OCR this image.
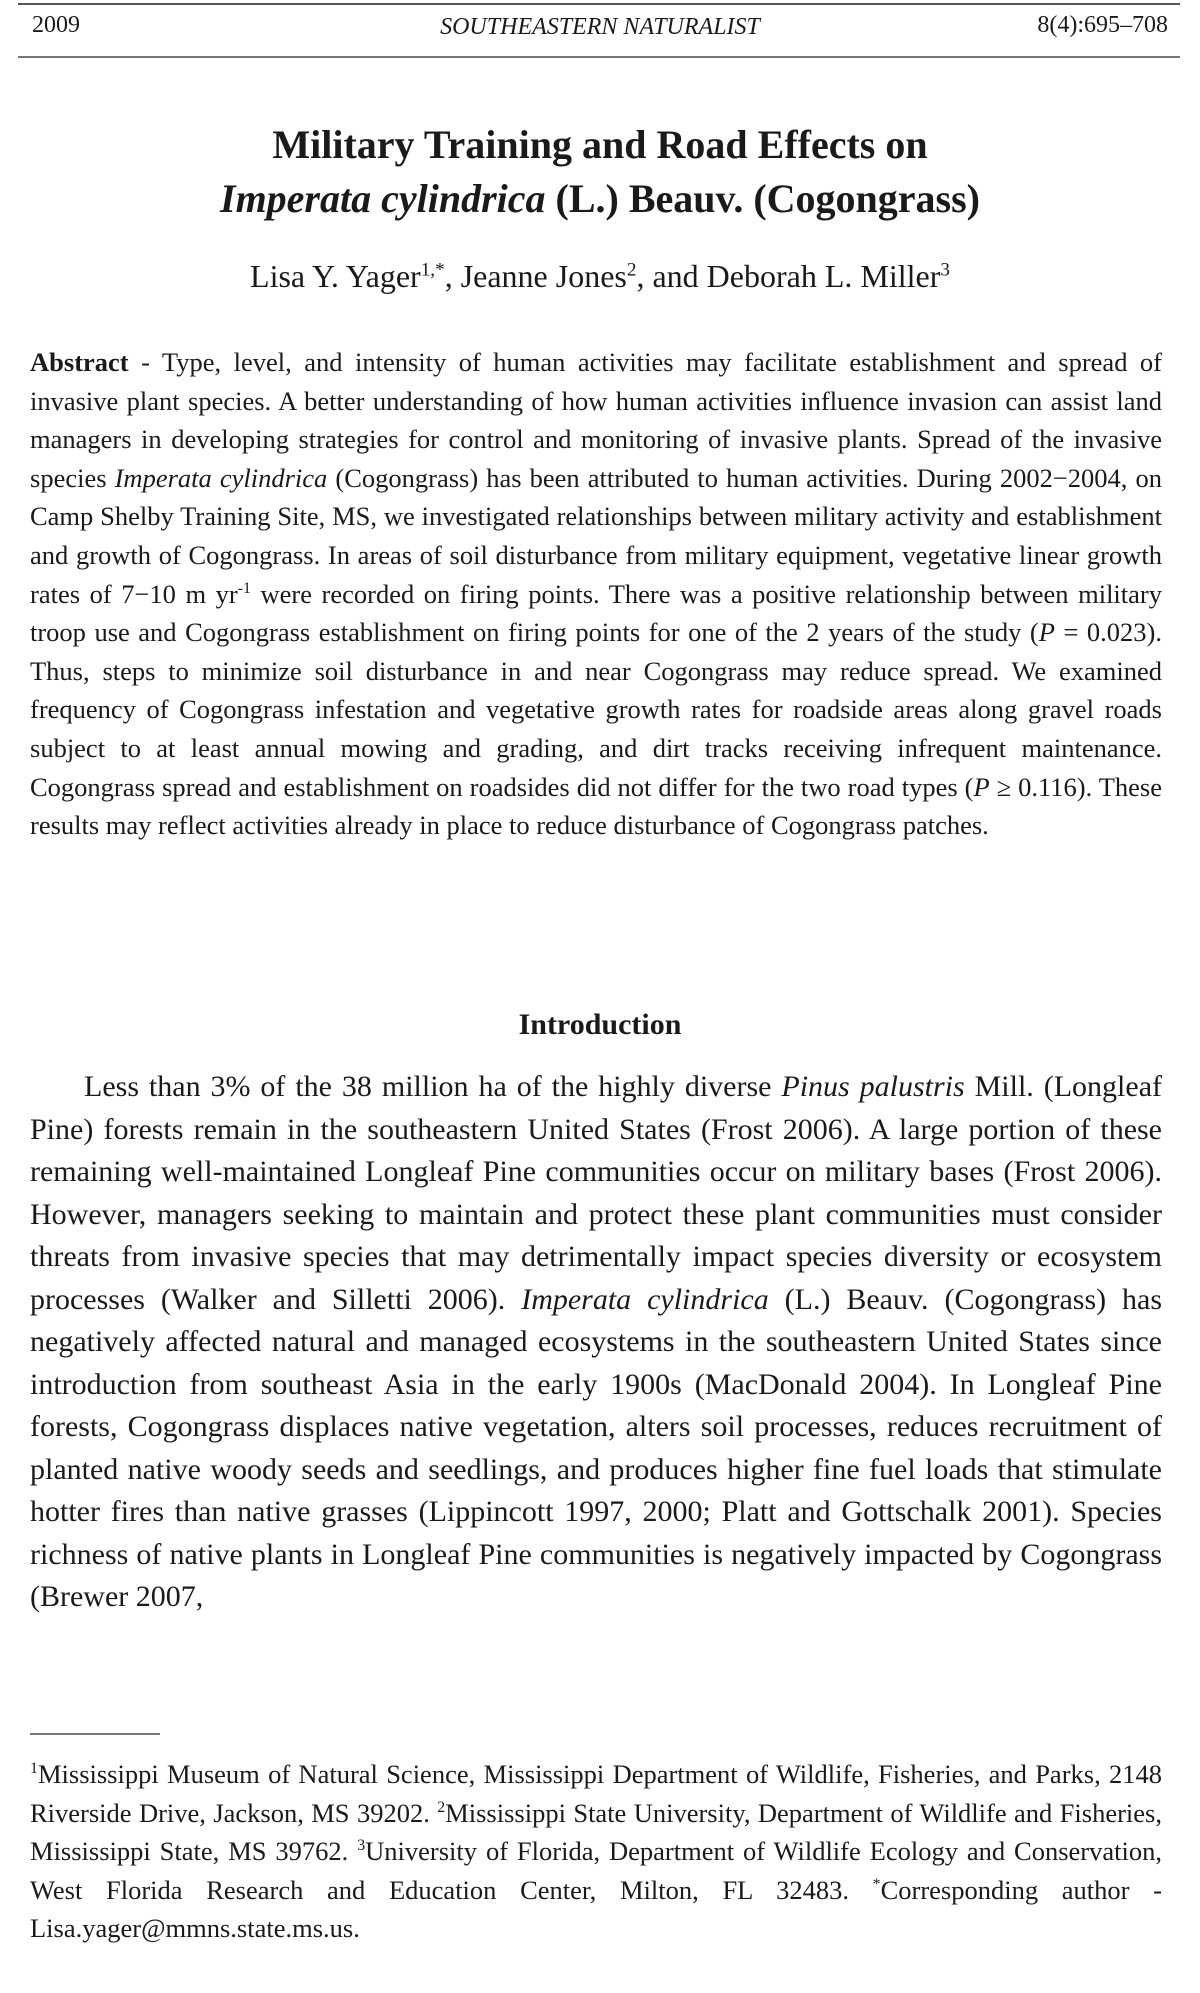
2009	SOUTHEASTERN NATURALIST	8(4):695–708
Military Training and Road Effects on
Imperata cylindrica (L.) Beauv. (Cogongrass)
Lisa Y. Yager$^{1,*}$, Jeanne Jones$^2$, and Deborah L. Miller$^3$
Abstract - Type, level, and intensity of human activities may facilitate establishment and spread of invasive plant species. A better understanding of how human activities influence invasion can assist land managers in developing strategies for control and monitoring of invasive plants. Spread of the invasive species Imperata cylindrica (Cogongrass) has been attributed to human activities. During 2002−2004, on Camp Shelby Training Site, MS, we investigated relationships between military activity and establishment and growth of Cogongrass. In areas of soil disturbance from military equipment, vegetative linear growth rates of 7−10 m $yr^{-1}$ were recorded on firing points. There was a positive relationship between military troop use and Cogongrass establishment on firing points for one of the 2 years of the study (P = 0.023). Thus, steps to minimize soil disturbance in and near Cogongrass may reduce spread. We examined frequency of Cogongrass infestation and vegetative growth rates for roadside areas along gravel roads subject to at least annual mowing and grading, and dirt tracks receiving infrequent maintenance. Cogongrass spread and establishment on roadsides did not differ for the two road types (P ≥ 0.116). These results may reflect activities already in place to reduce disturbance of Cogongrass patches.
Introduction
Less than 3% of the 38 million ha of the highly diverse Pinus palustris Mill. (Longleaf Pine) forests remain in the southeastern United States (Frost 2006). A large portion of these remaining well-maintained Longleaf Pine communities occur on military bases (Frost 2006). However, managers seeking to maintain and protect these plant communities must consider threats from invasive species that may detrimentally impact species diversity or ecosystem processes (Walker and Silletti 2006). Imperata cylindrica (L.) Beauv. (Cogongrass) has negatively affected natural and managed ecosystems in the southeastern United States since introduction from southeast Asia in the early 1900s (MacDonald 2004). In Longleaf Pine forests, Cogongrass displaces native vegetation, alters soil processes, reduces recruitment of planted native woody seeds and seedlings, and produces higher fine fuel loads that stimulate hotter fires than native grasses (Lippincott 1997, 2000; Platt and Gottschalk 2001). Species richness of native plants in Longleaf Pine communities is negatively impacted by Cogongrass (Brewer 2007,
$^1$Mississippi Museum of Natural Science, Mississippi Department of Wildlife, Fisheries, and Parks, 2148 Riverside Drive, Jackson, MS 39202. $^2$Mississippi State University, Department of Wildlife and Fisheries, Mississippi State, MS 39762. $^3$University of Florida, Department of Wildlife Ecology and Conservation, West Florida Research and Education Center, Milton, FL 32483. *Corresponding author - Lisa.yager@mmns.state.ms.us.
